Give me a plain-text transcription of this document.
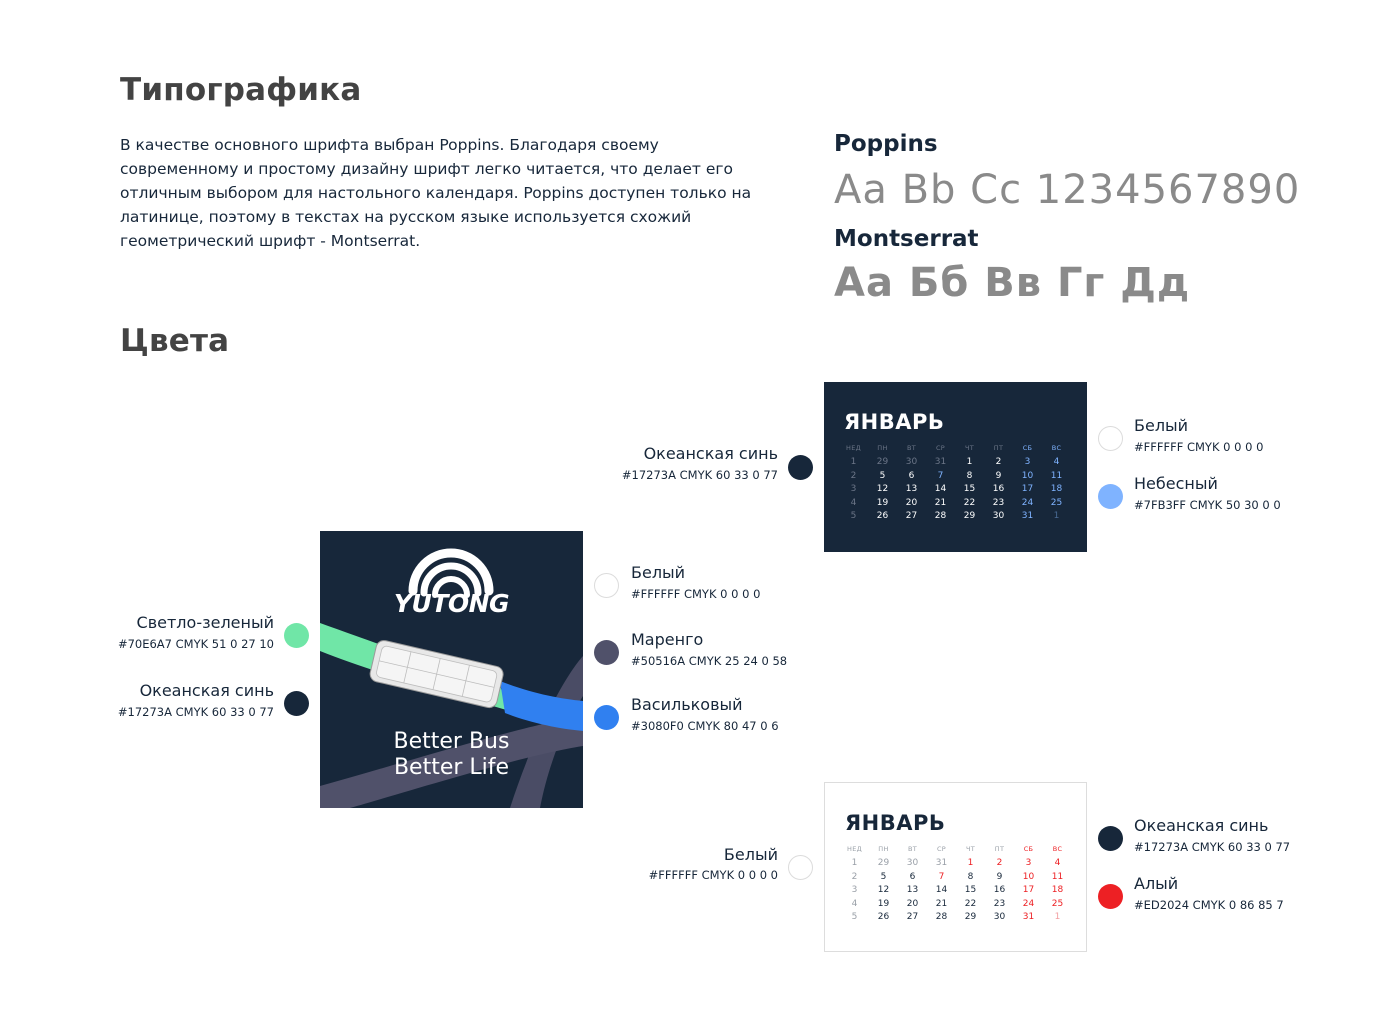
Типографика

В качестве основного шрифта выбран Poppins. Благодаря своему

современному и простому дизайну шрифт легко читается, что делает его

отличным выбором для настольного календаря. Poppins доступен только на

латинице, поэтому в текстах на русском языке используется схожий

геометрический шрифт - Montserrat.

Poppins
Aa Bb Cc 1234567890
Montserrat
Аа Бб Вв Гг Дд
Цвета
ЯНВАРЬ
НЕД	ПН	ВТ	СР	ЧТ	ПТ	СБ	ВС
1	29	30	31	1	2	3	4
2	5	6	7	8	9	10	11
3	12	13	14	15	16	17	18
4	19	20	21	22	23	24	25
5	26	27	28	29	30	31	1
Океанская синь
#17273A CMYK 60 33 0 77
Белый
#FFFFFF CMYK 0 0 0 0
Небесный
#7FB3FF CMYK 50 30 0 0
YUTONG
Better Bus
Better Life
Светло-зеленый
#70E6A7 CMYK 51 0 27 10
Океанская синь
#17273A CMYK 60 33 0 77
Белый
#FFFFFF CMYK 0 0 0 0
Маренго
#50516A CMYK 25 24 0 58
Васильковый
#3080F0 CMYK 80 47 0 6
ЯНВАРЬ
НЕД	ПН	ВТ	СР	ЧТ	ПТ	СБ	ВС
1	29	30	31	1	2	3	4
2	5	6	7	8	9	10	11
3	12	13	14	15	16	17	18
4	19	20	21	22	23	24	25
5	26	27	28	29	30	31	1
Белый
#FFFFFF CMYK 0 0 0 0
Океанская синь
#17273A CMYK 60 33 0 77
Алый
#ED2024 CMYK 0 86 85 7
